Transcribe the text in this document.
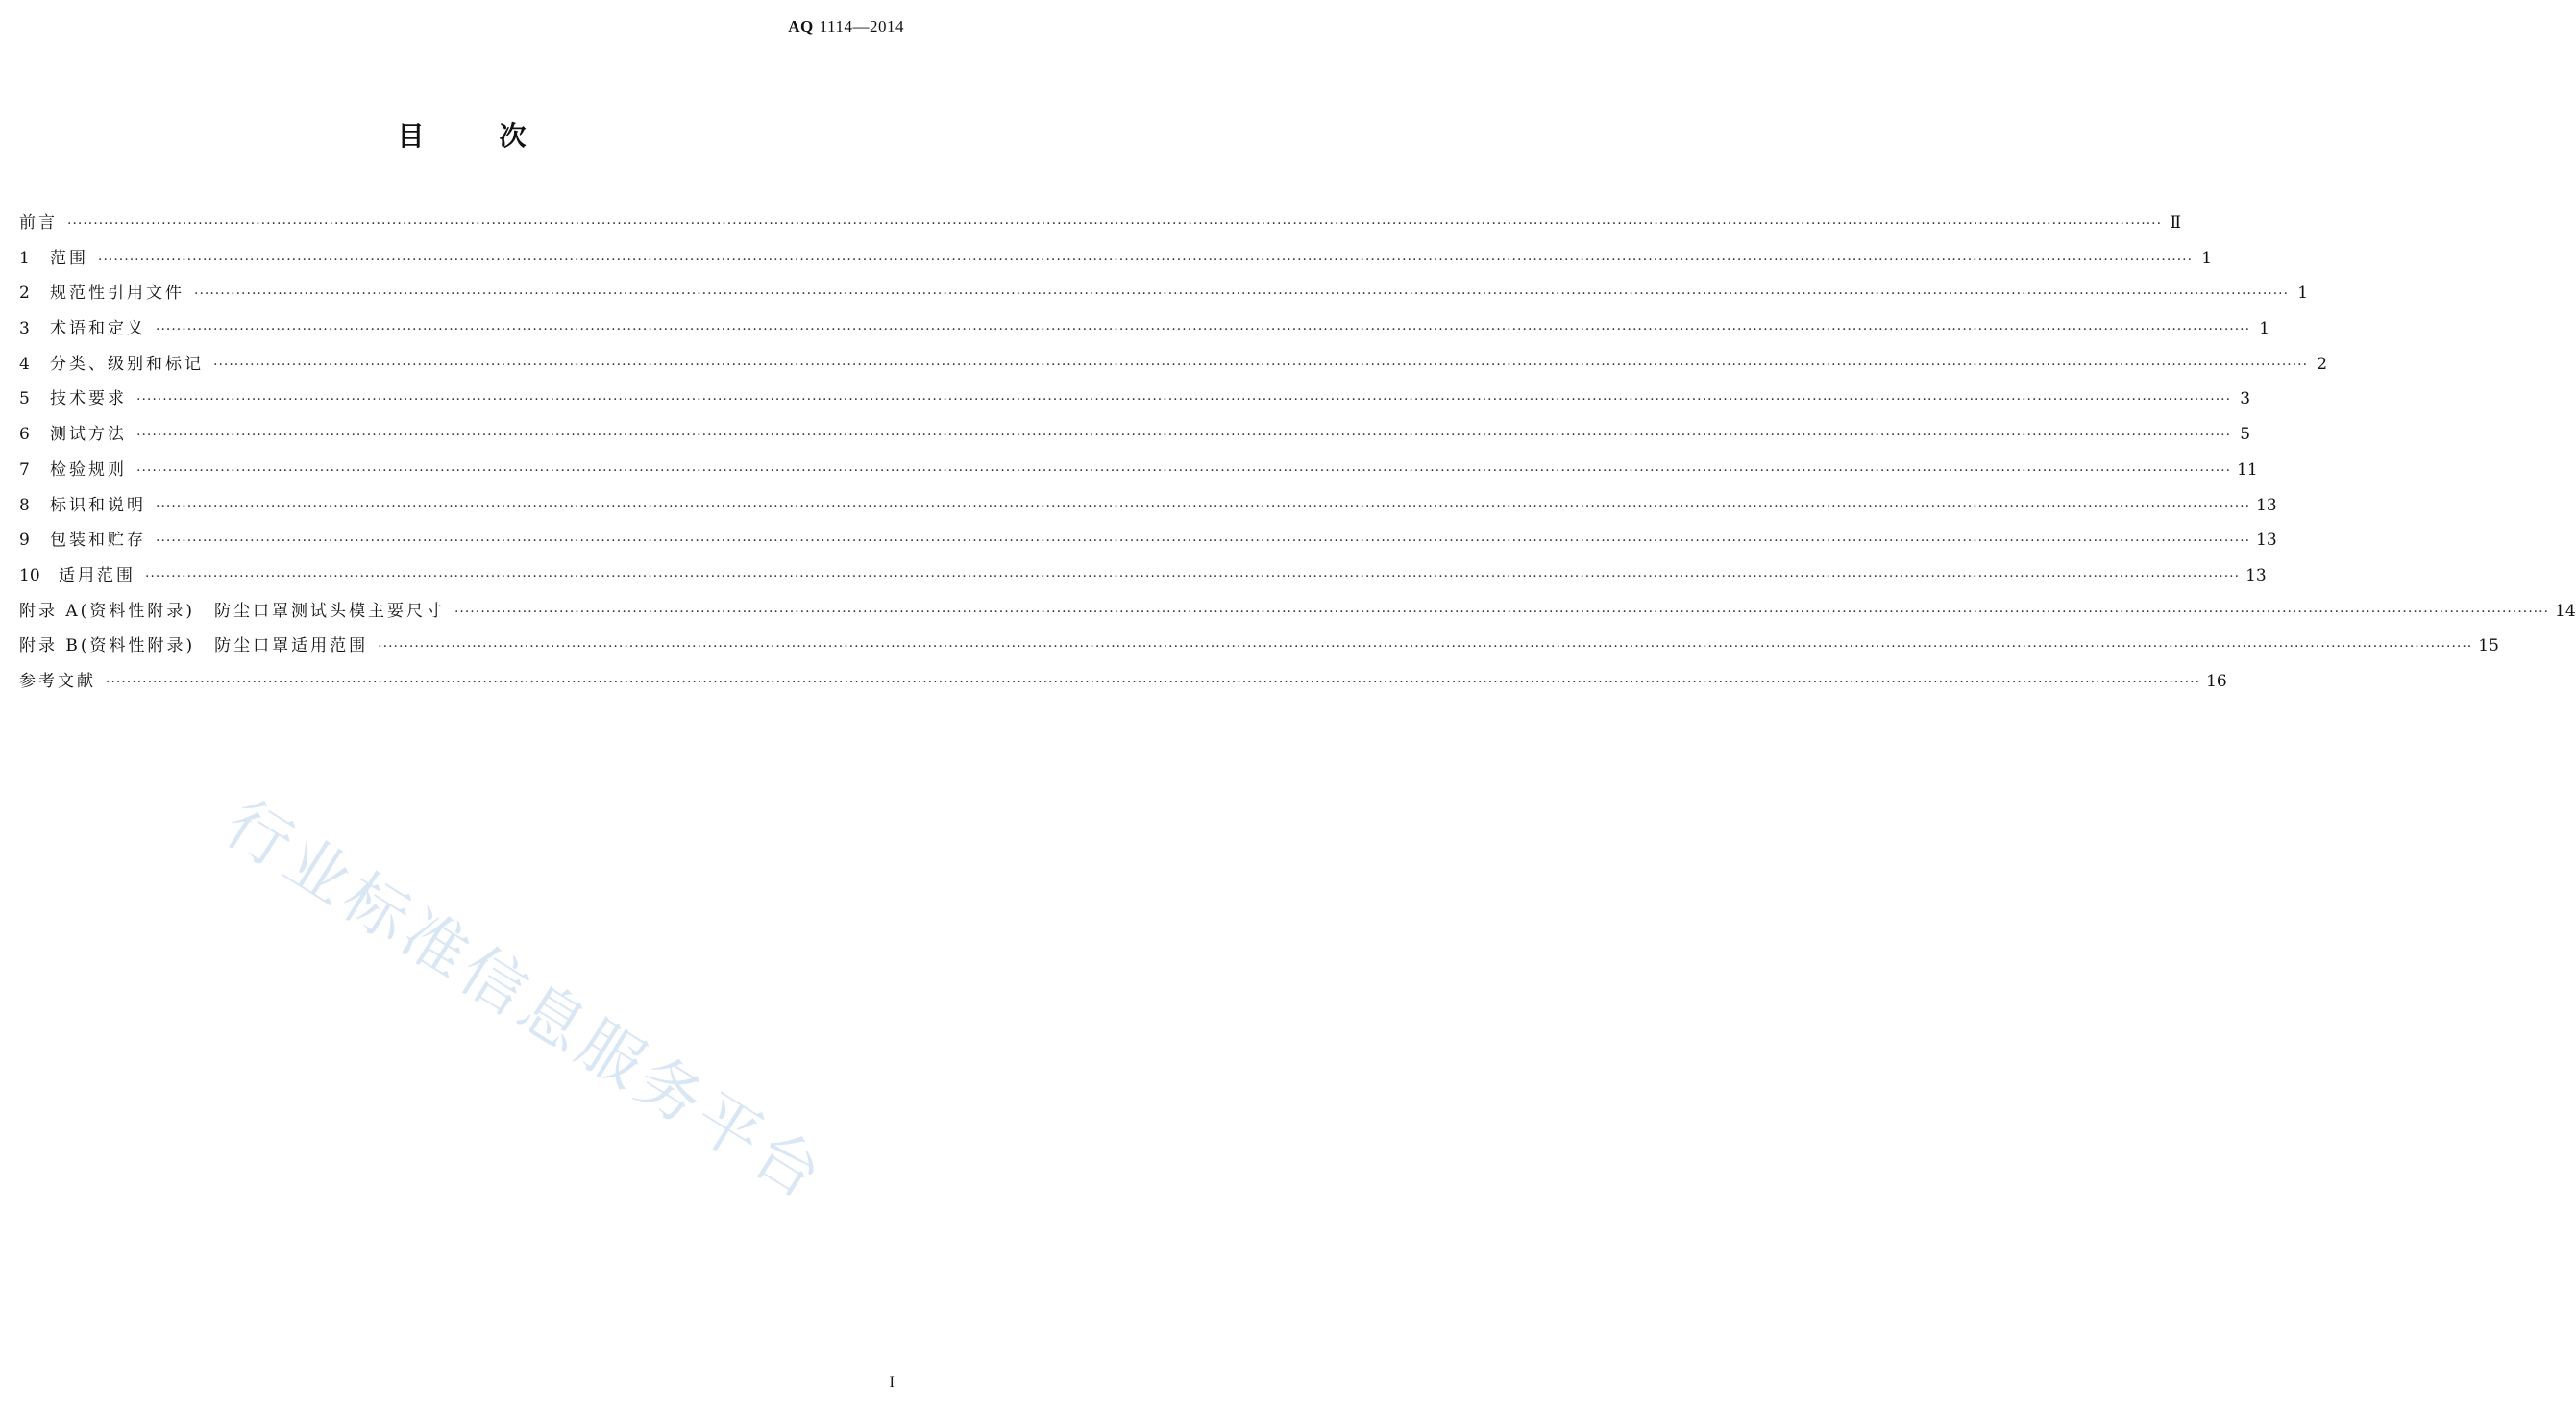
AQ 1114—2014
目	次
前言 ················································································································································································································································································································································································································ Ⅱ
1	范围 ················································································································································································································································································································································································································ 1
2	规范性引用文件 ················································································································································································································································································································································································································ 1
3	术语和定义 ················································································································································································································································································································································································································ 1
4	分类、级别和标记 ················································································································································································································································································································································································································ 2
5	技术要求 ················································································································································································································································································································································································································ 3
6	测试方法 ················································································································································································································································································································································································································ 5
7	检验规则 ················································································································································································································································································································································································································ 11
8	标识和说明 ················································································································································································································································································································································································································ 13
9	包装和贮存 ················································································································································································································································································································································································································ 13
10	适用范围 ················································································································································································································································································································································································································ 13
附录 A(资料性附录)　防尘口罩测试头模主要尺寸 ················································································································································································································································································································································································································ 14
附录 B(资料性附录)　防尘口罩适用范围 ················································································································································································································································································································································································································ 15
参考文献 ················································································································································································································································································································································································································ 16
行业标准信息服务平台
I
